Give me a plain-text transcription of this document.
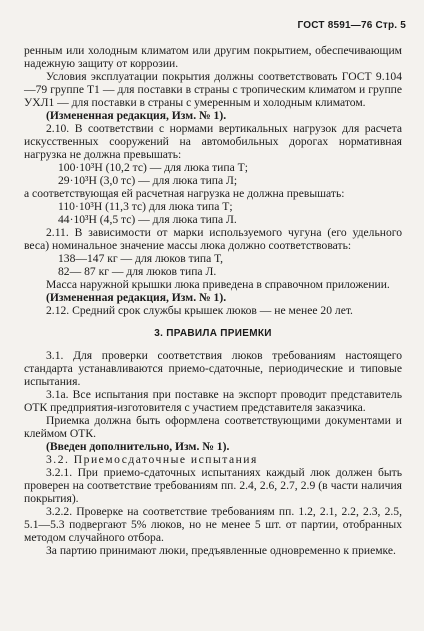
ГОСТ 8591—76 Стр. 5

ренным или холодным климатом или другим покрытием, обеспечивающим надежную защиту от коррозии.

Условия эксплуатации покрытия должны соответствовать ГОСТ 9.104—79 группе Т1 — для поставки в страны с тропическим климатом и группе УХЛ1 — для поставки в страны с умеренным и холодным климатом.

(Измененная редакция, Изм. № 1).

2.10. В соответствии с нормами вертикальных нагрузок для расчета искусственных сооружений на автомобильных дорогах нормативная нагрузка не должна превышать:

100·10³Н (10,2 тс) — для люка типа Т;

29·10³Н (3,0 тс) — для люка типа Л;

а соответствующая ей расчетная нагрузка не должна превышать:

110·10³Н (11,3 тс) для люка типа Т;

44·10³Н (4,5 тс) — для люка типа Л.

2.11. В зависимости от марки используемого чугуна (его удельного веса) номинальное значение массы люка должно соответствовать:

138—147 кг — для люков типа Т,

82— 87 кг — для люков типа Л.

Масса наружной крышки люка приведена в справочном приложении.

(Измененная редакция, Изм. № 1).

2.12. Средний срок службы крышек люков — не менее 20 лет.

3. ПРАВИЛА ПРИЕМКИ

3.1. Для проверки соответствия люков требованиям настоящего стандарта устанавливаются приемо-сдаточные, периодические и типовые испытания.

3.1а. Все испытания при поставке на экспорт проводит представитель ОТК предприятия-изготовителя с участием представителя заказчика.

Приемка должна быть оформлена соответствующими документами и клеймом ОТК.

(Введен дополнительно, Изм. № 1).

3.2. Приемосдаточные испытания

3.2.1. При приемо-сдаточных испытаниях каждый люк должен быть проверен на соответствие требованиям пп. 2.4, 2.6, 2.7, 2.9 (в части наличия покрытия).

3.2.2. Проверке на соответствие требованиям пп. 1.2, 2.1, 2.2, 2.3, 2.5, 5.1—5.3 подвергают 5% люков, но не менее 5 шт. от партии, отобранных методом случайного отбора.

За партию принимают люки, предъявленные одновременно к приемке.
